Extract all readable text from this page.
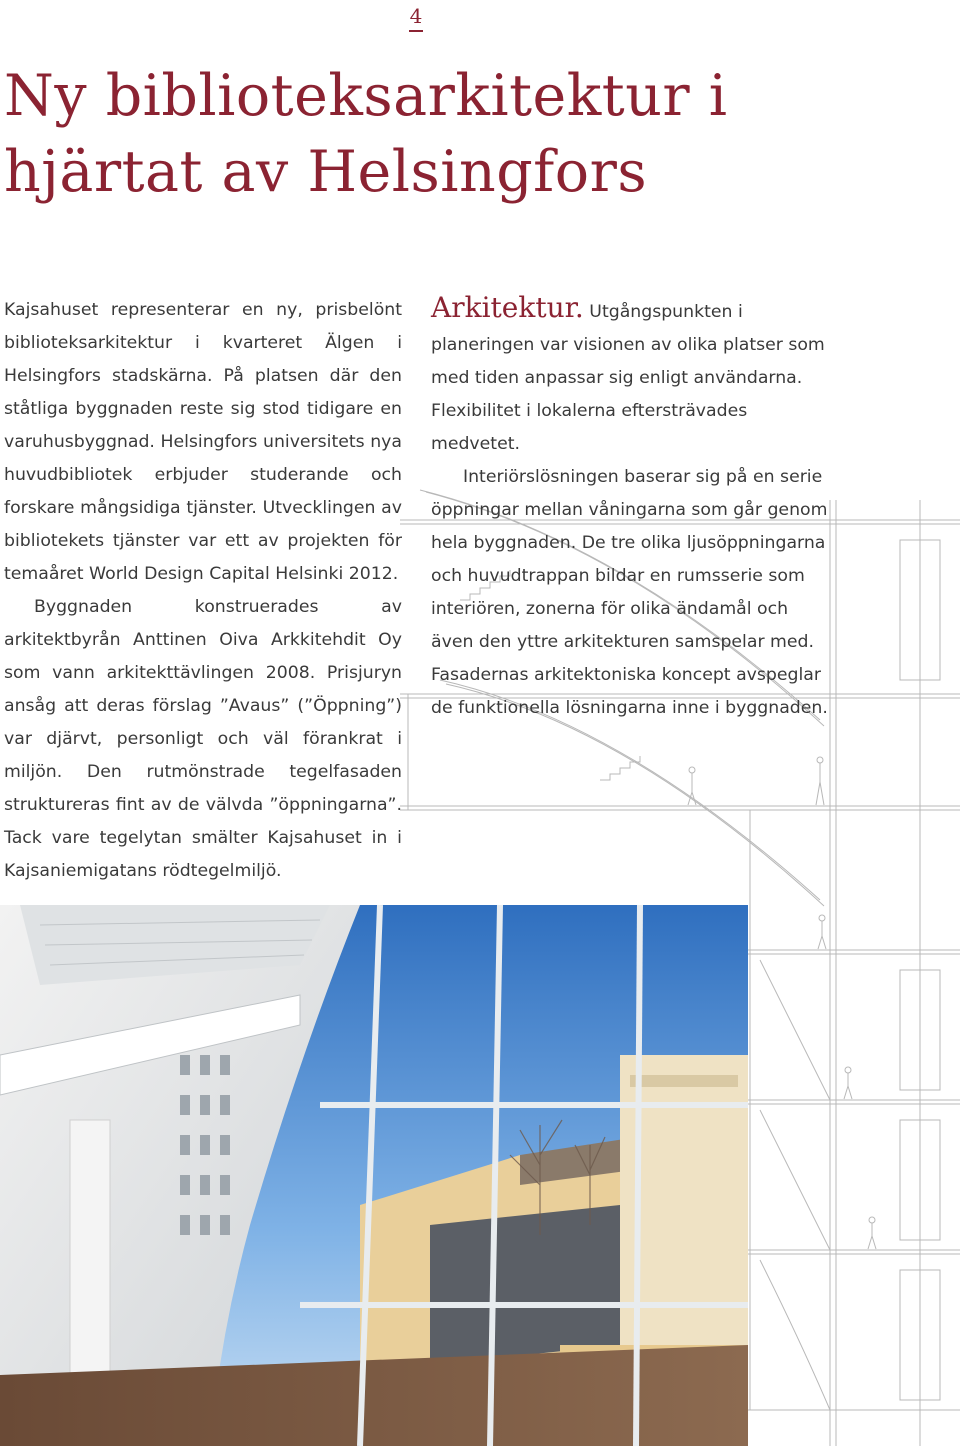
4
Ny biblioteksarkitektur i hjärtat av Helsingfors

Kajsahuset representerar en ny, prisbelönt biblioteksarkitektur i kvarteret Älgen i Helsingfors stadskärna. På platsen där den ståtliga byggnaden reste sig stod tidigare en varuhusbyggnad. Helsingfors universitets nya huvudbibliotek erbjuder studerande och forskare mångsidiga tjänster. Utvecklingen av bibliotekets tjänster var ett av projekten för temaåret World Design Capital Helsinki 2012.

Byggnaden konstruerades av arkitektbyrån Anttinen Oiva Arkkitehdit Oy som vann arkitekttävlingen 2008. Prisjuryn ansåg att deras förslag ”Avaus” (”Öppning”) var djärvt, personligt och väl förankrat i miljön. Den rutmönstrade tegelfasaden struktureras fint av de välvda ”öppningarna”. Tack vare tegelytan smälter Kajsahuset in i Kajsaniemigatans rödtegelmiljö.

Arkitektur. Utgångspunkten i planeringen var visionen av olika platser som med tiden anpassar sig enligt användarna. Flexibilitet i lokalerna eftersträvades medvetet.

Interiörslösningen baserar sig på en serie öppningar mellan våningarna som går genom hela byggnaden. De tre olika ljusöppningarna och huvudtrappan bildar en rumsserie som interiören, zonerna för olika ändamål och även den yttre arkitekturen samspelar med. Fasadernas arkitektoniska koncept avspeglar de funktionella lösningarna inne i byggnaden.
